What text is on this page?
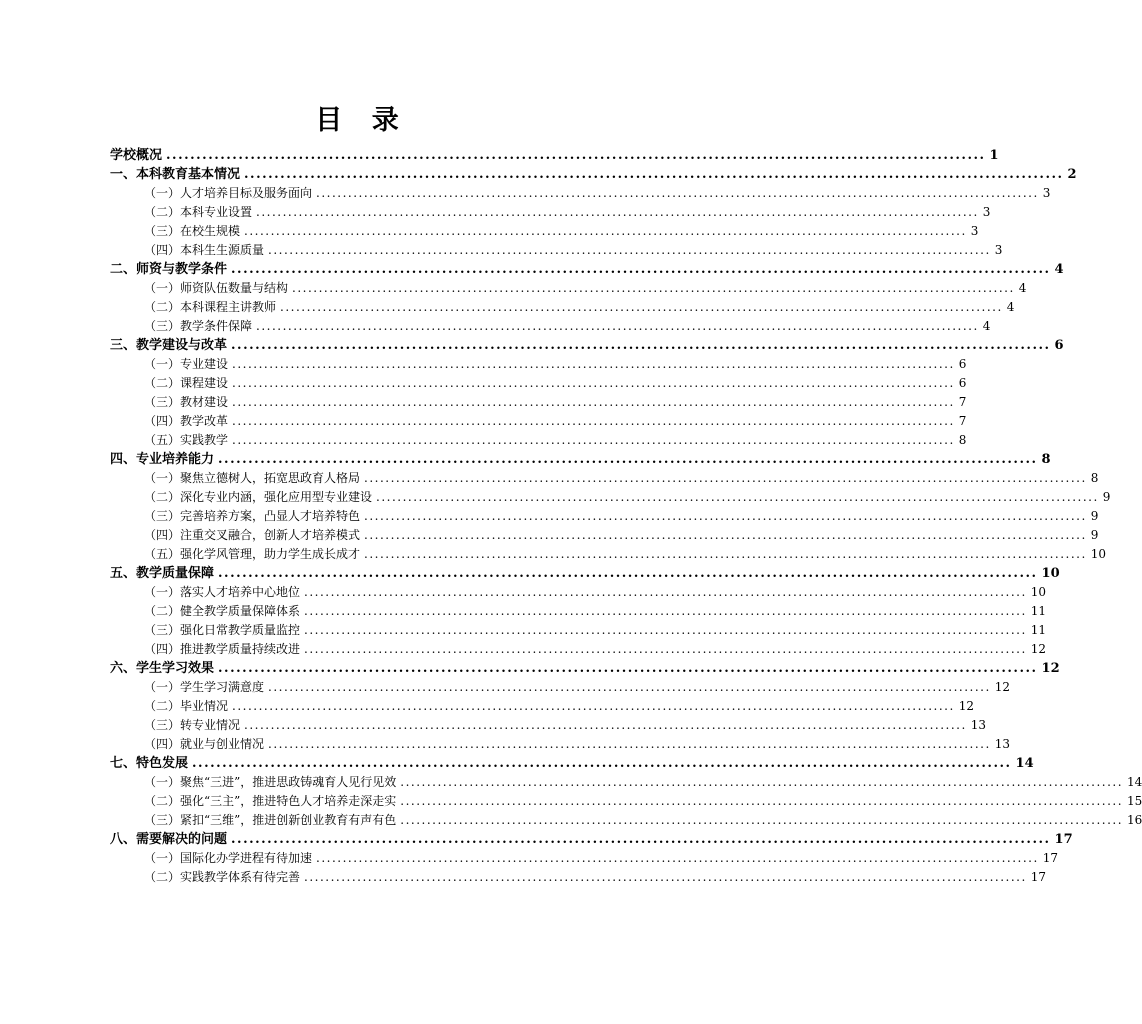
目 录
学校概况 ........................................................................................................................................ 1
一、本科教育基本情况 ........................................................................................................................................ 2
（一）人才培养目标及服务面向 ........................................................................................................................................ 3
（二）本科专业设置 ........................................................................................................................................ 3
（三）在校生规模 ........................................................................................................................................ 3
（四）本科生生源质量 ........................................................................................................................................ 3
二、师资与教学条件 ........................................................................................................................................ 4
（一）师资队伍数量与结构 ........................................................................................................................................ 4
（二）本科课程主讲教师 ........................................................................................................................................ 4
（三）教学条件保障 ........................................................................................................................................ 4
三、教学建设与改革 ........................................................................................................................................ 6
（一）专业建设 ........................................................................................................................................ 6
（二）课程建设 ........................................................................................................................................ 6
（三）教材建设 ........................................................................................................................................ 7
（四）教学改革 ........................................................................................................................................ 7
（五）实践教学 ........................................................................................................................................ 8
四、专业培养能力 ........................................................................................................................................ 8
（一）聚焦立德树人，拓宽思政育人格局 ........................................................................................................................................ 8
（二）深化专业内涵，强化应用型专业建设 ........................................................................................................................................ 9
（三）完善培养方案，凸显人才培养特色 ........................................................................................................................................ 9
（四）注重交叉融合，创新人才培养模式 ........................................................................................................................................ 9
（五）强化学风管理，助力学生成长成才 ........................................................................................................................................ 10
五、教学质量保障 ........................................................................................................................................ 10
（一）落实人才培养中心地位 ........................................................................................................................................ 10
（二）健全教学质量保障体系 ........................................................................................................................................ 11
（三）强化日常教学质量监控 ........................................................................................................................................ 11
（四）推进教学质量持续改进 ........................................................................................................................................ 12
六、学生学习效果 ........................................................................................................................................ 12
（一）学生学习满意度 ........................................................................................................................................ 12
（二）毕业情况 ........................................................................................................................................ 12
（三）转专业情况 ........................................................................................................................................ 13
（四）就业与创业情况 ........................................................................................................................................ 13
七、特色发展 ........................................................................................................................................ 14
（一）聚焦“三进”，推进思政铸魂育人见行见效 ........................................................................................................................................ 14
（二）强化“三主”，推进特色人才培养走深走实 ........................................................................................................................................ 15
（三）紧扣“三维”，推进创新创业教育有声有色 ........................................................................................................................................ 16
八、需要解决的问题 ........................................................................................................................................ 17
（一）国际化办学进程有待加速 ........................................................................................................................................ 17
（二）实践教学体系有待完善 ........................................................................................................................................ 17
